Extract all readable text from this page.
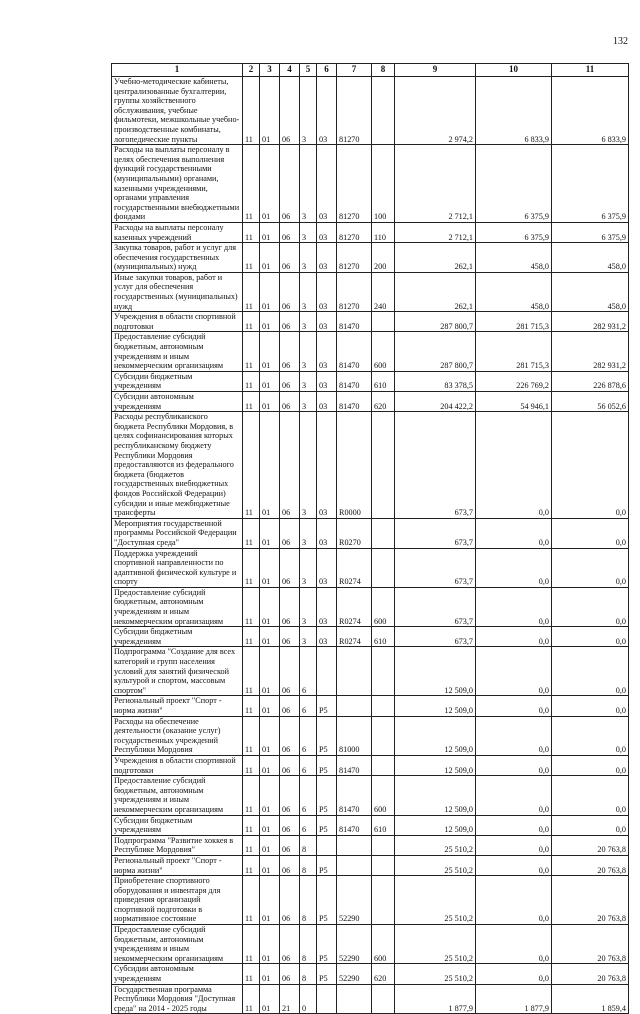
132
1	2	3	4	5	6	7	8	9	10	11
Учебно-методические кабинеты, централизованные бухгалтерии, группы хозяйственного обслуживания, учебные фильмотеки, межшкольные учебно-производственные комбинаты, логопедические пункты	11	01	06	3	03	81270		2 974,2	6 833,9	6 833,9
Расходы на выплаты персоналу в целях обеспечения выполнения функций государственными (муниципальными) органами, казенными учреждениями, органами управления государственными внебюджетными фондами	11	01	06	3	03	81270	100	2 712,1	6 375,9	6 375,9
Расходы на выплаты персоналу казенных учреждений	11	01	06	3	03	81270	110	2 712,1	6 375,9	6 375,9
Закупка товаров, работ и услуг для обеспечения государственных (муниципальных) нужд	11	01	06	3	03	81270	200	262,1	458,0	458,0
Иные закупки товаров, работ и услуг для обеспечения государственных (муниципальных) нужд	11	01	06	3	03	81270	240	262,1	458,0	458,0
Учреждения в области спортивной подготовки	11	01	06	3	03	81470		287 800,7	281 715,3	282 931,2
Предоставление субсидий бюджетным, автономным учреждениям и иным некоммерческим организациям	11	01	06	3	03	81470	600	287 800,7	281 715,3	282 931,2
Субсидии бюджетным учреждениям	11	01	06	3	03	81470	610	83 378,5	226 769,2	226 878,6
Субсидии автономным учреждениям	11	01	06	3	03	81470	620	204 422,2	54 946,1	56 052,6
Расходы республиканского бюджета Республики Мордовия, в целях софинансирования которых республиканскому бюджету Республики Мордовия предоставляются из федерального бюджета (бюджетов государственных внебюджетных фондов Российской Федерации) субсидии и иные межбюджетные трансферты	11	01	06	3	03	R0000		673,7	0,0	0,0
Мероприятия государственной программы Российской Федерации "Доступная среда"	11	01	06	3	03	R0270		673,7	0,0	0,0
Поддержка учреждений спортивной направленности по адаптивной физической культуре и спорту	11	01	06	3	03	R0274		673,7	0,0	0,0
Предоставление субсидий бюджетным, автономным учреждениям и иным некоммерческим организациям	11	01	06	3	03	R0274	600	673,7	0,0	0,0
Субсидии бюджетным учреждениям	11	01	06	3	03	R0274	610	673,7	0,0	0,0
Подпрограмма "Создание для всех категорий и групп населения условий для занятий физической культурой и спортом, массовым спортом"	11	01	06	6				12 509,0	0,0	0,0
Региональный проект "Спорт - норма жизни"	11	01	06	6	P5			12 509,0	0,0	0,0
Расходы на обеспечение деятельности (оказание услуг) государственных учреждений Республики Мордовия	11	01	06	6	P5	81000		12 509,0	0,0	0,0
Учреждения в области спортивной подготовки	11	01	06	6	P5	81470		12 509,0	0,0	0,0
Предоставление субсидий бюджетным, автономным учреждениям и иным некоммерческим организациям	11	01	06	6	P5	81470	600	12 509,0	0,0	0,0
Субсидии бюджетным учреждениям	11	01	06	6	P5	81470	610	12 509,0	0,0	0,0
Подпрограмма "Развитие хоккея в Республике Мордовия"	11	01	06	8				25 510,2	0,0	20 763,8
Региональный проект "Спорт - норма жизни"	11	01	06	8	P5			25 510,2	0,0	20 763,8
Приобретение спортивного оборудования и инвентаря для приведения организаций спортивной подготовки в нормативное состояние	11	01	06	8	P5	52290		25 510,2	0,0	20 763,8
Предоставление субсидий бюджетным, автономным учреждениям и иным некоммерческим организациям	11	01	06	8	P5	52290	600	25 510,2	0,0	20 763,8
Субсидии автономным учреждениям	11	01	06	8	P5	52290	620	25 510,2	0,0	20 763,8
Государственная программа Республики Мордовия "Доступная среда" на 2014 - 2025 годы	11	01	21	0				1 877,9	1 877,9	1 859,4
